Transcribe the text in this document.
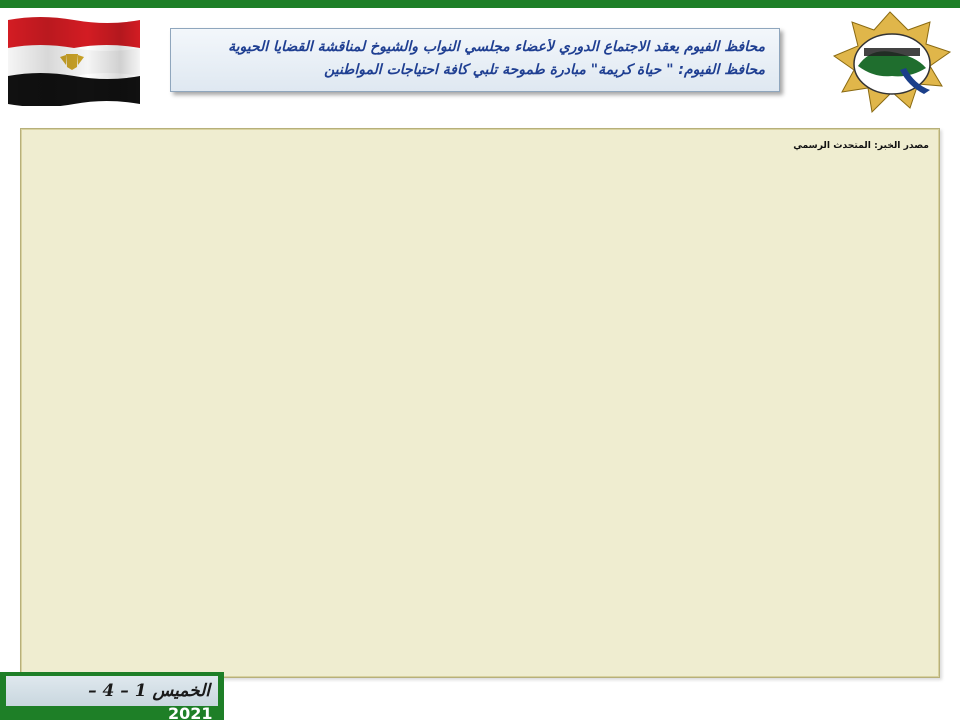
محافظ الفيوم يعقد الاجتماع الدوري لأعضاء مجلسي النواب والشيوخ لمناقشة القضايا الحيوية
محافظ الفيوم: " حياة كريمة" مبادرة طموحة تلبي كافة احتياجات المواطنين

مصدر الخبر: المتحدث الرسمي

الخميس 1 – 4 –
2021
